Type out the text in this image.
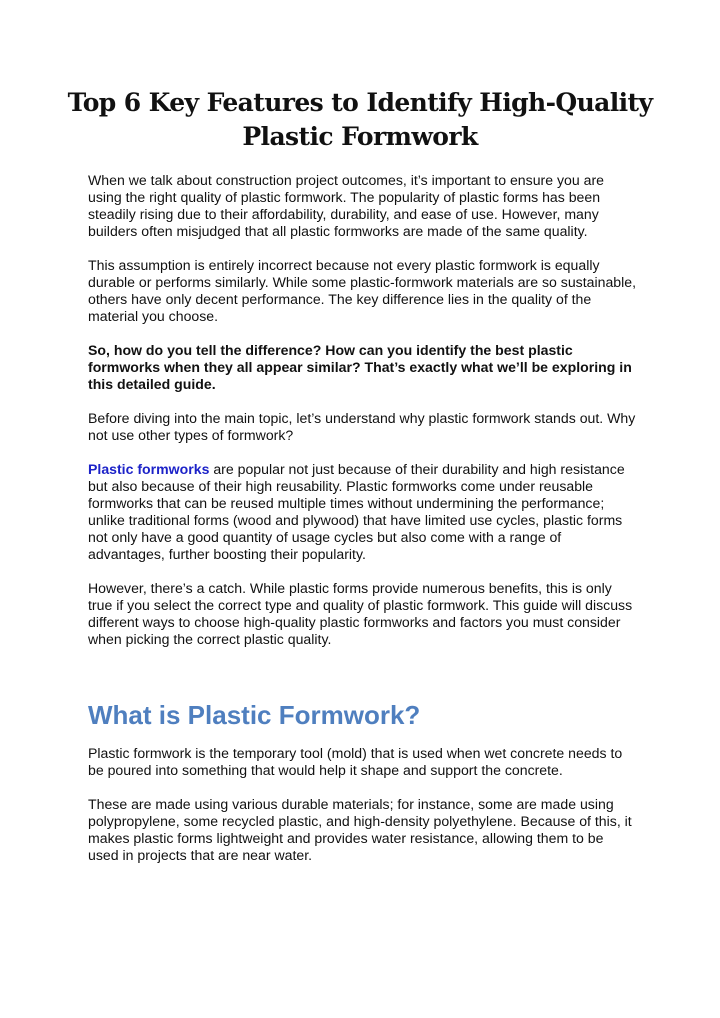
Top 6 Key Features to Identify High-Quality Plastic Formwork

When we talk about construction project outcomes, it’s important to ensure you are using the right quality of plastic formwork. The popularity of plastic forms has been steadily rising due to their affordability, durability, and ease of use. However, many builders often misjudged that all plastic formworks are made of the same quality.

This assumption is entirely incorrect because not every plastic formwork is equally durable or performs similarly. While some plastic-formwork materials are so sustainable, others have only decent performance. The key difference lies in the quality of the material you choose.

So, how do you tell the difference? How can you identify the best plastic formworks when they all appear similar? That’s exactly what we’ll be exploring in this detailed guide.

Before diving into the main topic, let’s understand why plastic formwork stands out. Why not use other types of formwork?

Plastic formworks are popular not just because of their durability and high resistance but also because of their high reusability. Plastic formworks come under reusable formworks that can be reused multiple times without undermining the performance; unlike traditional forms (wood and plywood) that have limited use cycles, plastic forms not only have a good quantity of usage cycles but also come with a range of advantages, further boosting their popularity.

However, there’s a catch. While plastic forms provide numerous benefits, this is only true if you select the correct type and quality of plastic formwork. This guide will discuss different ways to choose high-quality plastic formworks and factors you must consider when picking the correct plastic quality.

What is Plastic Formwork?

Plastic formwork is the temporary tool (mold) that is used when wet concrete needs to be poured into something that would help it shape and support the concrete.

These are made using various durable materials; for instance, some are made using polypropylene, some recycled plastic, and high-density polyethylene. Because of this, it makes plastic forms lightweight and provides water resistance, allowing them to be used in projects that are near water.
